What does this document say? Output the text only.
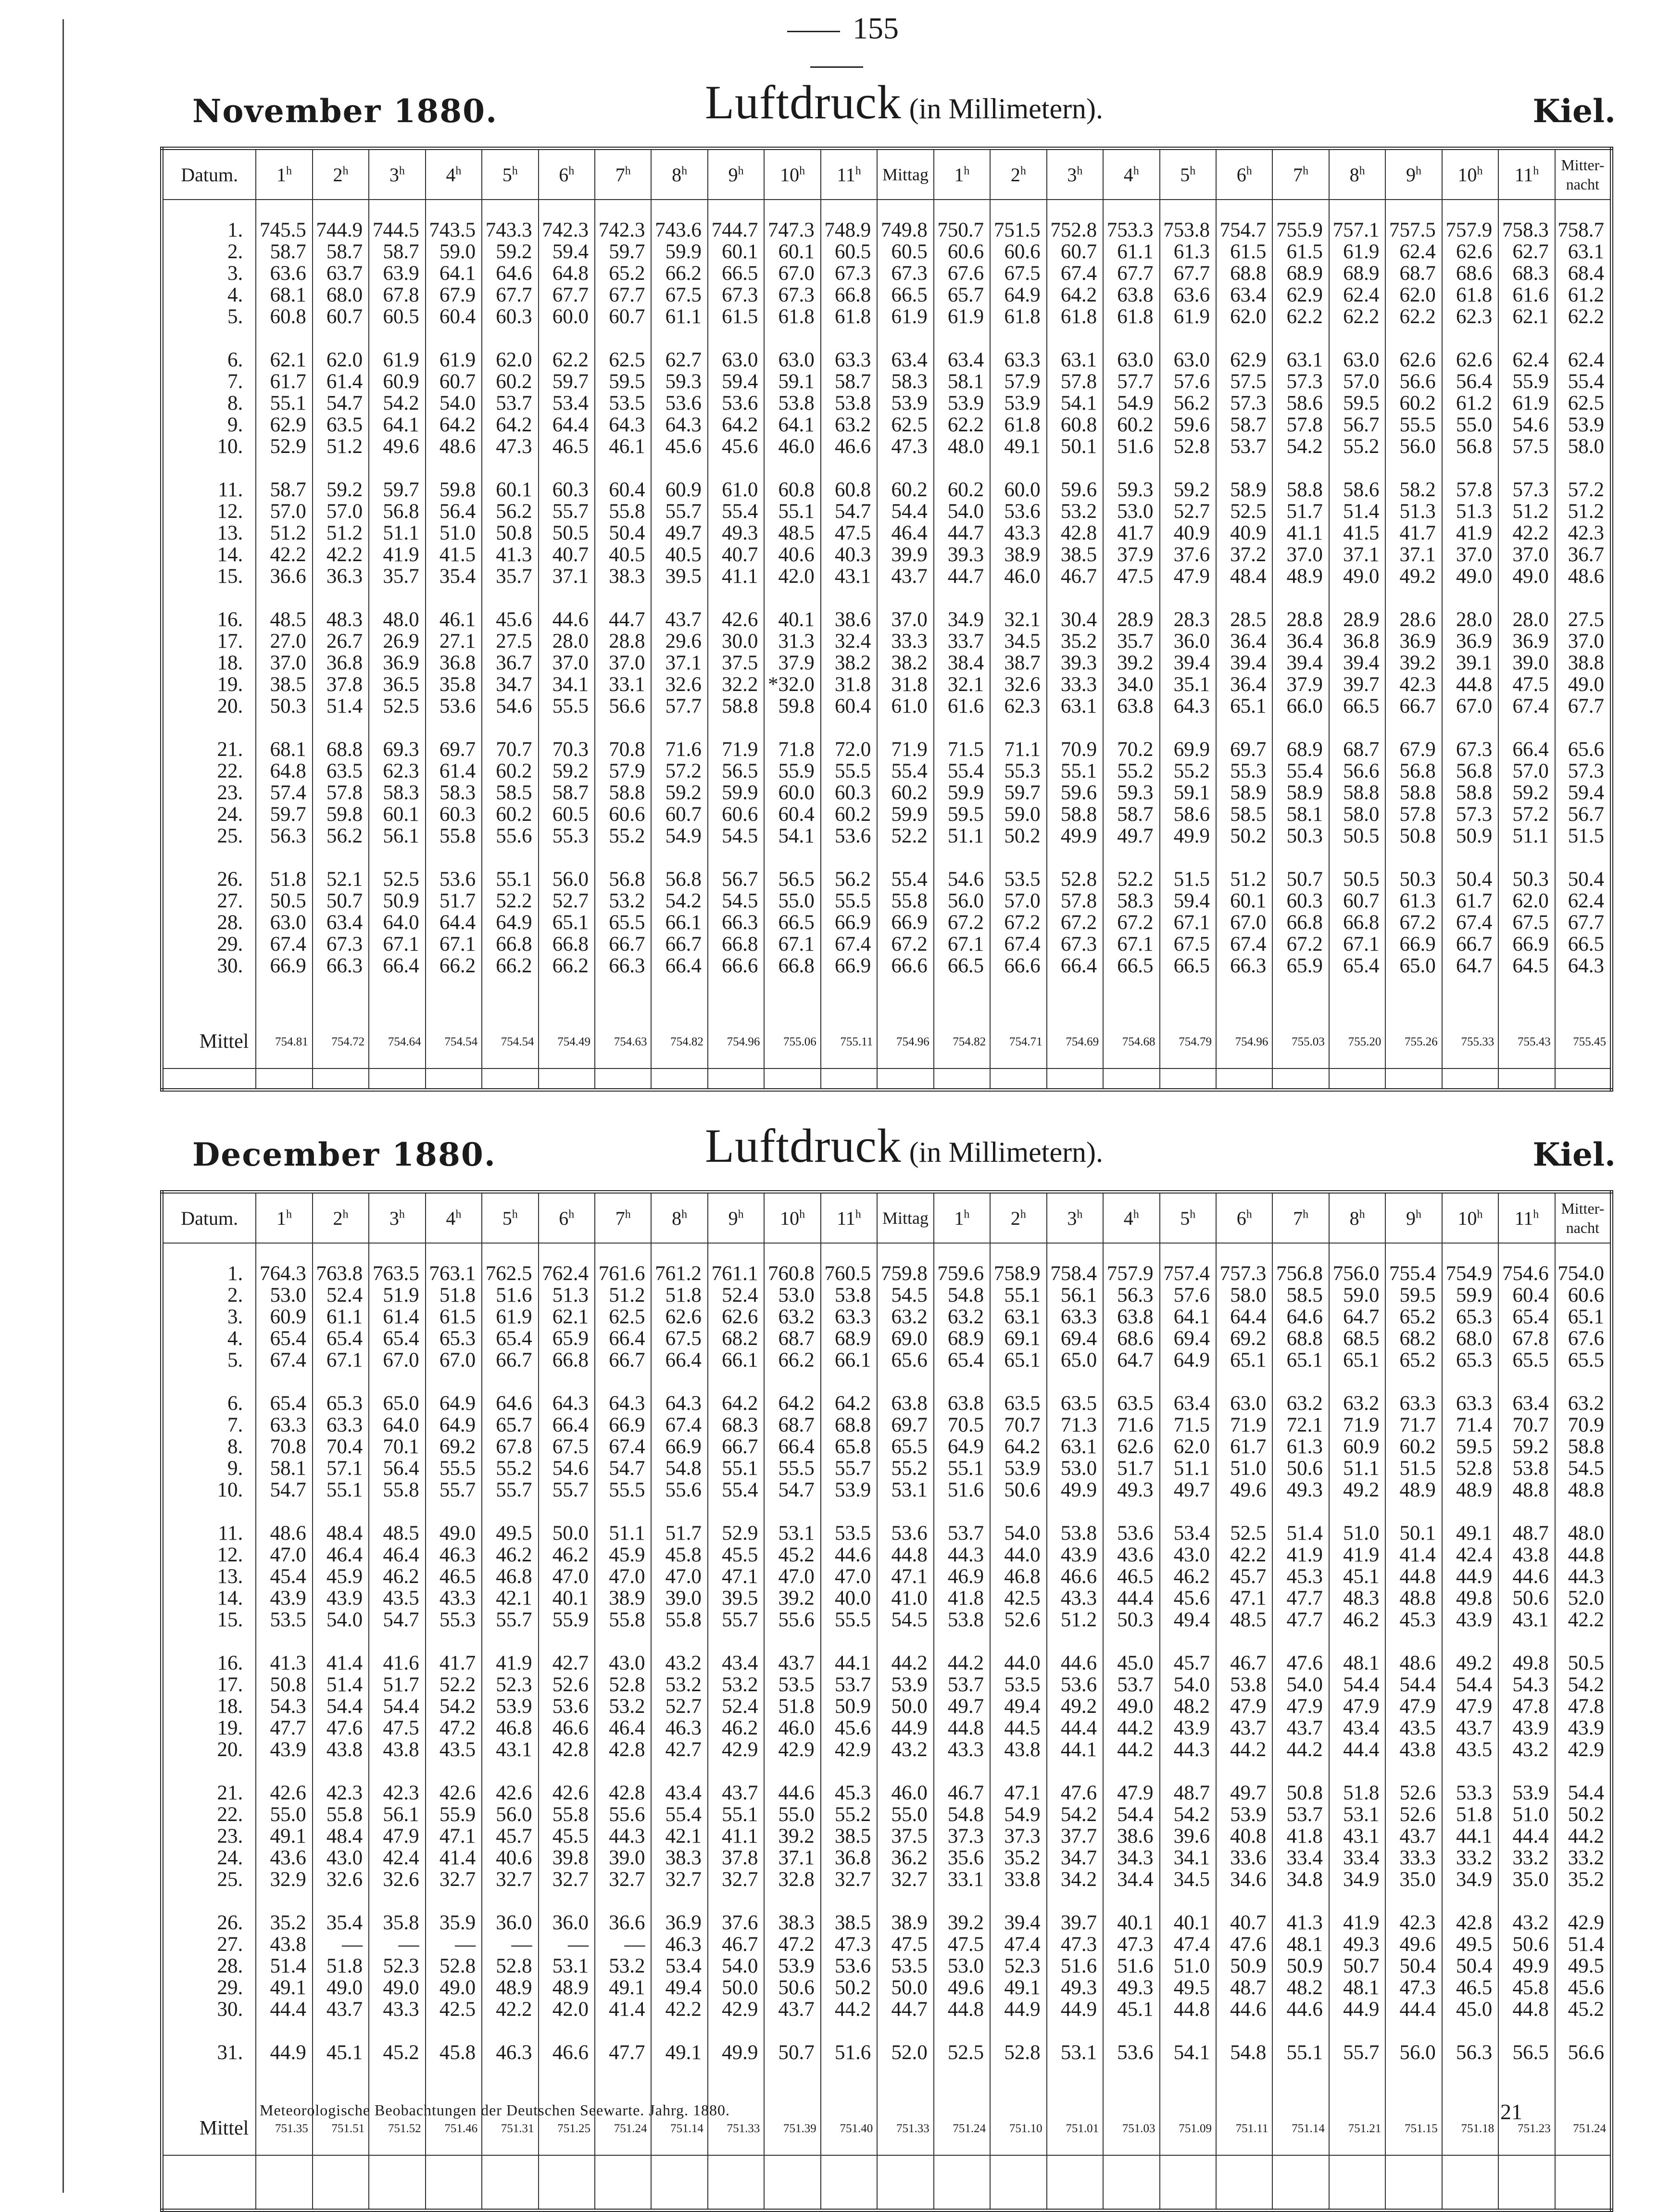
155
November 1880.	Luftdruck (in Millimetern).	Kiel.
Datum.	1$^h$	2$^h$	3$^h$	4$^h$	5$^h$	6$^h$	7$^h$	8$^h$	9$^h$	10$^h$	11$^h$	Mittag	1$^h$	2$^h$	3$^h$	4$^h$	5$^h$	6$^h$	7$^h$	8$^h$	9$^h$	10$^h$	11$^h$	Mitter-
nacht

1.	745.5	744.9	744.5	743.5	743.3	742.3	742.3	743.6	744.7	747.3	748.9	749.8	750.7	751.5	752.8	753.3	753.8	754.7	755.9	757.1	757.5	757.9	758.3	758.7
2.	58.7	58.7	58.7	59.0	59.2	59.4	59.7	59.9	60.1	60.1	60.5	60.5	60.6	60.6	60.7	61.1	61.3	61.5	61.5	61.9	62.4	62.6	62.7	63.1
3.	63.6	63.7	63.9	64.1	64.6	64.8	65.2	66.2	66.5	67.0	67.3	67.3	67.6	67.5	67.4	67.7	67.7	68.8	68.9	68.9	68.7	68.6	68.3	68.4
4.	68.1	68.0	67.8	67.9	67.7	67.7	67.7	67.5	67.3	67.3	66.8	66.5	65.7	64.9	64.2	63.8	63.6	63.4	62.9	62.4	62.0	61.8	61.6	61.2
5.	60.8	60.7	60.5	60.4	60.3	60.0	60.7	61.1	61.5	61.8	61.8	61.9	61.9	61.8	61.8	61.8	61.9	62.0	62.2	62.2	62.2	62.3	62.1	62.2

6.	62.1	62.0	61.9	61.9	62.0	62.2	62.5	62.7	63.0	63.0	63.3	63.4	63.4	63.3	63.1	63.0	63.0	62.9	63.1	63.0	62.6	62.6	62.4	62.4
7.	61.7	61.4	60.9	60.7	60.2	59.7	59.5	59.3	59.4	59.1	58.7	58.3	58.1	57.9	57.8	57.7	57.6	57.5	57.3	57.0	56.6	56.4	55.9	55.4
8.	55.1	54.7	54.2	54.0	53.7	53.4	53.5	53.6	53.6	53.8	53.8	53.9	53.9	53.9	54.1	54.9	56.2	57.3	58.6	59.5	60.2	61.2	61.9	62.5
9.	62.9	63.5	64.1	64.2	64.2	64.4	64.3	64.3	64.2	64.1	63.2	62.5	62.2	61.8	60.8	60.2	59.6	58.7	57.8	56.7	55.5	55.0	54.6	53.9
10.	52.9	51.2	49.6	48.6	47.3	46.5	46.1	45.6	45.6	46.0	46.6	47.3	48.0	49.1	50.1	51.6	52.8	53.7	54.2	55.2	56.0	56.8	57.5	58.0

11.	58.7	59.2	59.7	59.8	60.1	60.3	60.4	60.9	61.0	60.8	60.8	60.2	60.2	60.0	59.6	59.3	59.2	58.9	58.8	58.6	58.2	57.8	57.3	57.2
12.	57.0	57.0	56.8	56.4	56.2	55.7	55.8	55.7	55.4	55.1	54.7	54.4	54.0	53.6	53.2	53.0	52.7	52.5	51.7	51.4	51.3	51.3	51.2	51.2
13.	51.2	51.2	51.1	51.0	50.8	50.5	50.4	49.7	49.3	48.5	47.5	46.4	44.7	43.3	42.8	41.7	40.9	40.9	41.1	41.5	41.7	41.9	42.2	42.3
14.	42.2	42.2	41.9	41.5	41.3	40.7	40.5	40.5	40.7	40.6	40.3	39.9	39.3	38.9	38.5	37.9	37.6	37.2	37.0	37.1	37.1	37.0	37.0	36.7
15.	36.6	36.3	35.7	35.4	35.7	37.1	38.3	39.5	41.1	42.0	43.1	43.7	44.7	46.0	46.7	47.5	47.9	48.4	48.9	49.0	49.2	49.0	49.0	48.6

16.	48.5	48.3	48.0	46.1	45.6	44.6	44.7	43.7	42.6	40.1	38.6	37.0	34.9	32.1	30.4	28.9	28.3	28.5	28.8	28.9	28.6	28.0	28.0	27.5
17.	27.0	26.7	26.9	27.1	27.5	28.0	28.8	29.6	30.0	31.3	32.4	33.3	33.7	34.5	35.2	35.7	36.0	36.4	36.4	36.8	36.9	36.9	36.9	37.0
18.	37.0	36.8	36.9	36.8	36.7	37.0	37.0	37.1	37.5	37.9	38.2	38.2	38.4	38.7	39.3	39.2	39.4	39.4	39.4	39.4	39.2	39.1	39.0	38.8
19.	38.5	37.8	36.5	35.8	34.7	34.1	33.1	32.6	32.2	*32.0	31.8	31.8	32.1	32.6	33.3	34.0	35.1	36.4	37.9	39.7	42.3	44.8	47.5	49.0
20.	50.3	51.4	52.5	53.6	54.6	55.5	56.6	57.7	58.8	59.8	60.4	61.0	61.6	62.3	63.1	63.8	64.3	65.1	66.0	66.5	66.7	67.0	67.4	67.7

21.	68.1	68.8	69.3	69.7	70.7	70.3	70.8	71.6	71.9	71.8	72.0	71.9	71.5	71.1	70.9	70.2	69.9	69.7	68.9	68.7	67.9	67.3	66.4	65.6
22.	64.8	63.5	62.3	61.4	60.2	59.2	57.9	57.2	56.5	55.9	55.5	55.4	55.4	55.3	55.1	55.2	55.2	55.3	55.4	56.6	56.8	56.8	57.0	57.3
23.	57.4	57.8	58.3	58.3	58.5	58.7	58.8	59.2	59.9	60.0	60.3	60.2	59.9	59.7	59.6	59.3	59.1	58.9	58.9	58.8	58.8	58.8	59.2	59.4
24.	59.7	59.8	60.1	60.3	60.2	60.5	60.6	60.7	60.6	60.4	60.2	59.9	59.5	59.0	58.8	58.7	58.6	58.5	58.1	58.0	57.8	57.3	57.2	56.7
25.	56.3	56.2	56.1	55.8	55.6	55.3	55.2	54.9	54.5	54.1	53.6	52.2	51.1	50.2	49.9	49.7	49.9	50.2	50.3	50.5	50.8	50.9	51.1	51.5

26.	51.8	52.1	52.5	53.6	55.1	56.0	56.8	56.8	56.7	56.5	56.2	55.4	54.6	53.5	52.8	52.2	51.5	51.2	50.7	50.5	50.3	50.4	50.3	50.4
27.	50.5	50.7	50.9	51.7	52.2	52.7	53.2	54.2	54.5	55.0	55.5	55.8	56.0	57.0	57.8	58.3	59.4	60.1	60.3	60.7	61.3	61.7	62.0	62.4
28.	63.0	63.4	64.0	64.4	64.9	65.1	65.5	66.1	66.3	66.5	66.9	66.9	67.2	67.2	67.2	67.2	67.1	67.0	66.8	66.8	67.2	67.4	67.5	67.7
29.	67.4	67.3	67.1	67.1	66.8	66.8	66.7	66.7	66.8	67.1	67.4	67.2	67.1	67.4	67.3	67.1	67.5	67.4	67.2	67.1	66.9	66.7	66.9	66.5
30.	66.9	66.3	66.4	66.2	66.2	66.2	66.3	66.4	66.6	66.8	66.9	66.6	66.5	66.6	66.4	66.5	66.5	66.3	65.9	65.4	65.0	64.7	64.5	64.3

Mittel	754.81	754.72	754.64	754.54	754.54	754.49	754.63	754.82	754.96	755.06	755.11	754.96	754.82	754.71	754.69	754.68	754.79	754.96	755.03	755.20	755.26	755.33	755.43	755.45

December 1880.	Luftdruck (in Millimetern).	Kiel.
Datum.	1$^h$	2$^h$	3$^h$	4$^h$	5$^h$	6$^h$	7$^h$	8$^h$	9$^h$	10$^h$	11$^h$	Mittag	1$^h$	2$^h$	3$^h$	4$^h$	5$^h$	6$^h$	7$^h$	8$^h$	9$^h$	10$^h$	11$^h$	Mitter-
nacht

1.	764.3	763.8	763.5	763.1	762.5	762.4	761.6	761.2	761.1	760.8	760.5	759.8	759.6	758.9	758.4	757.9	757.4	757.3	756.8	756.0	755.4	754.9	754.6	754.0
2.	53.0	52.4	51.9	51.8	51.6	51.3	51.2	51.8	52.4	53.0	53.8	54.5	54.8	55.1	56.1	56.3	57.6	58.0	58.5	59.0	59.5	59.9	60.4	60.6
3.	60.9	61.1	61.4	61.5	61.9	62.1	62.5	62.6	62.6	63.2	63.3	63.2	63.2	63.1	63.3	63.8	64.1	64.4	64.6	64.7	65.2	65.3	65.4	65.1
4.	65.4	65.4	65.4	65.3	65.4	65.9	66.4	67.5	68.2	68.7	68.9	69.0	68.9	69.1	69.4	68.6	69.4	69.2	68.8	68.5	68.2	68.0	67.8	67.6
5.	67.4	67.1	67.0	67.0	66.7	66.8	66.7	66.4	66.1	66.2	66.1	65.6	65.4	65.1	65.0	64.7	64.9	65.1	65.1	65.1	65.2	65.3	65.5	65.5

6.	65.4	65.3	65.0	64.9	64.6	64.3	64.3	64.3	64.2	64.2	64.2	63.8	63.8	63.5	63.5	63.5	63.4	63.0	63.2	63.2	63.3	63.3	63.4	63.2
7.	63.3	63.3	64.0	64.9	65.7	66.4	66.9	67.4	68.3	68.7	68.8	69.7	70.5	70.7	71.3	71.6	71.5	71.9	72.1	71.9	71.7	71.4	70.7	70.9
8.	70.8	70.4	70.1	69.2	67.8	67.5	67.4	66.9	66.7	66.4	65.8	65.5	64.9	64.2	63.1	62.6	62.0	61.7	61.3	60.9	60.2	59.5	59.2	58.8
9.	58.1	57.1	56.4	55.5	55.2	54.6	54.7	54.8	55.1	55.5	55.7	55.2	55.1	53.9	53.0	51.7	51.1	51.0	50.6	51.1	51.5	52.8	53.8	54.5
10.	54.7	55.1	55.8	55.7	55.7	55.7	55.5	55.6	55.4	54.7	53.9	53.1	51.6	50.6	49.9	49.3	49.7	49.6	49.3	49.2	48.9	48.9	48.8	48.8

11.	48.6	48.4	48.5	49.0	49.5	50.0	51.1	51.7	52.9	53.1	53.5	53.6	53.7	54.0	53.8	53.6	53.4	52.5	51.4	51.0	50.1	49.1	48.7	48.0
12.	47.0	46.4	46.4	46.3	46.2	46.2	45.9	45.8	45.5	45.2	44.6	44.8	44.3	44.0	43.9	43.6	43.0	42.2	41.9	41.9	41.4	42.4	43.8	44.8
13.	45.4	45.9	46.2	46.5	46.8	47.0	47.0	47.0	47.1	47.0	47.0	47.1	46.9	46.8	46.6	46.5	46.2	45.7	45.3	45.1	44.8	44.9	44.6	44.3
14.	43.9	43.9	43.5	43.3	42.1	40.1	38.9	39.0	39.5	39.2	40.0	41.0	41.8	42.5	43.3	44.4	45.6	47.1	47.7	48.3	48.8	49.8	50.6	52.0
15.	53.5	54.0	54.7	55.3	55.7	55.9	55.8	55.8	55.7	55.6	55.5	54.5	53.8	52.6	51.2	50.3	49.4	48.5	47.7	46.2	45.3	43.9	43.1	42.2

16.	41.3	41.4	41.6	41.7	41.9	42.7	43.0	43.2	43.4	43.7	44.1	44.2	44.2	44.0	44.6	45.0	45.7	46.7	47.6	48.1	48.6	49.2	49.8	50.5
17.	50.8	51.4	51.7	52.2	52.3	52.6	52.8	53.2	53.2	53.5	53.7	53.9	53.7	53.5	53.6	53.7	54.0	53.8	54.0	54.4	54.4	54.4	54.3	54.2
18.	54.3	54.4	54.4	54.2	53.9	53.6	53.2	52.7	52.4	51.8	50.9	50.0	49.7	49.4	49.2	49.0	48.2	47.9	47.9	47.9	47.9	47.9	47.8	47.8
19.	47.7	47.6	47.5	47.2	46.8	46.6	46.4	46.3	46.2	46.0	45.6	44.9	44.8	44.5	44.4	44.2	43.9	43.7	43.7	43.4	43.5	43.7	43.9	43.9
20.	43.9	43.8	43.8	43.5	43.1	42.8	42.8	42.7	42.9	42.9	42.9	43.2	43.3	43.8	44.1	44.2	44.3	44.2	44.2	44.4	43.8	43.5	43.2	42.9

21.	42.6	42.3	42.3	42.6	42.6	42.6	42.8	43.4	43.7	44.6	45.3	46.0	46.7	47.1	47.6	47.9	48.7	49.7	50.8	51.8	52.6	53.3	53.9	54.4
22.	55.0	55.8	56.1	55.9	56.0	55.8	55.6	55.4	55.1	55.0	55.2	55.0	54.8	54.9	54.2	54.4	54.2	53.9	53.7	53.1	52.6	51.8	51.0	50.2
23.	49.1	48.4	47.9	47.1	45.7	45.5	44.3	42.1	41.1	39.2	38.5	37.5	37.3	37.3	37.7	38.6	39.6	40.8	41.8	43.1	43.7	44.1	44.4	44.2
24.	43.6	43.0	42.4	41.4	40.6	39.8	39.0	38.3	37.8	37.1	36.8	36.2	35.6	35.2	34.7	34.3	34.1	33.6	33.4	33.4	33.3	33.2	33.2	33.2
25.	32.9	32.6	32.6	32.7	32.7	32.7	32.7	32.7	32.7	32.8	32.7	32.7	33.1	33.8	34.2	34.4	34.5	34.6	34.8	34.9	35.0	34.9	35.0	35.2

26.	35.2	35.4	35.8	35.9	36.0	36.0	36.6	36.9	37.6	38.3	38.5	38.9	39.2	39.4	39.7	40.1	40.1	40.7	41.3	41.9	42.3	42.8	43.2	42.9
27.	43.8	—	—	—	—	—	—	46.3	46.7	47.2	47.3	47.5	47.5	47.4	47.3	47.3	47.4	47.6	48.1	49.3	49.6	49.5	50.6	51.4
28.	51.4	51.8	52.3	52.8	52.8	53.1	53.2	53.4	54.0	53.9	53.6	53.5	53.0	52.3	51.6	51.6	51.0	50.9	50.9	50.7	50.4	50.4	49.9	49.5
29.	49.1	49.0	49.0	49.0	48.9	48.9	49.1	49.4	50.0	50.6	50.2	50.0	49.6	49.1	49.3	49.3	49.5	48.7	48.2	48.1	47.3	46.5	45.8	45.6
30.	44.4	43.7	43.3	42.5	42.2	42.0	41.4	42.2	42.9	43.7	44.2	44.7	44.8	44.9	44.9	45.1	44.8	44.6	44.6	44.9	44.4	45.0	44.8	45.2

31.	44.9	45.1	45.2	45.8	46.3	46.6	47.7	49.1	49.9	50.7	51.6	52.0	52.5	52.8	53.1	53.6	54.1	54.8	55.1	55.7	56.0	56.3	56.5	56.6

Mittel	751.35	751.51	751.52	751.46	751.31	751.25	751.24	751.14	751.33	751.39	751.40	751.33	751.24	751.10	751.01	751.03	751.09	751.11	751.14	751.21	751.15	751.18	751.23	751.24

Meteorologische Beobachtungen der Deutschen Seewarte. Jahrg. 1880.	21
